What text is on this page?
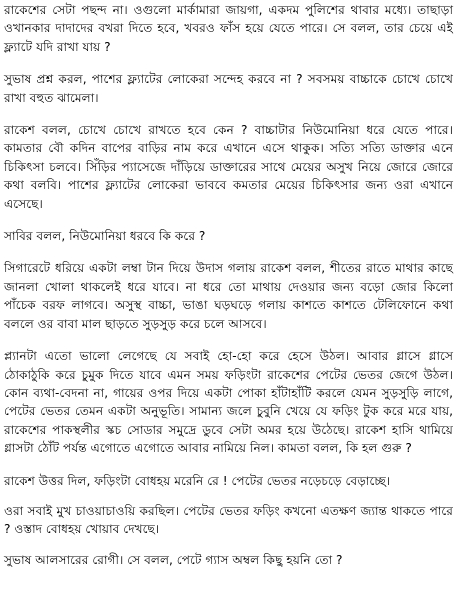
রাকেশের সেটা পছন্দ না। ওগুলো মার্কামারা জায়গা, একদম পুলিশের থাবার মধ্যে। তাছাড়া ওখানকার দাদাদের বখরা দিতে হবে, খবরও ফাঁস হয়ে যেতে পারে। সে বলল, তার চেয়ে এই ফ্ল্যাটে যদি রাখা যায় ?

সুভাষ প্রশ্ন করল, পাশের ফ্ল্যাটের লোকেরা সন্দেহ করবে না ? সবসময় বাচ্চাকে চোখে চোখে রাখা বহুত ঝামেলা।

রাকেশ বলল, চোখে চোখে রাখতে হবে কেন ? বাচ্চাটার নিউমোনিয়া ধরে যেতে পারে। কামতার বৌ কদিন বাপের বাড়ির নাম করে এখানে এসে থাকুক। সত্যি সত্যি ডাক্তার এনে চিকিৎসা চলবে। সিঁড়ির প্যাসেজে দাঁড়িয়ে ডাক্তারের সাথে মেয়ের অসুখ নিয়ে জোরে জোরে কথা বলবি। পাশের ফ্ল্যাটের লোকেরা ভাববে কমতার মেয়ের চিকিৎসার জন্য ওরা এখানে এসেছে।

সাবির বলল, নিউমোনিয়া ধরবে কি করে ?

সিগারেটে ধরিয়ে একটা লম্বা টান দিয়ে উদাস গলায় রাকেশ বলল, শীতের রাতে মাথার কাছে জানলা খোলা থাকলেই ধরে যাবে। না ধরে তো মাথায় দেওয়ার জন্য বড়ো জোর কিলো পাঁচেক বরফ লাগবে। অসুস্থ বাচ্চা, ভাঙা ঘড়ঘড়ে গলায় কাশতে কাশতে টেলিফোনে কথা বললে ওর বাবা মাল ছাড়তে সুড়সুড় করে চলে আসবে।

প্ল্যানটা এতো ভালো লেগেছে যে সবাই হো-হো করে হেসে উঠল। আবার গ্লাসে গ্লাসে ঠোকাঠুকি করে চুমুক দিতে যাবে এমন সময় ফড়িংটা রাকেশের পেটের ভেতর জেগে উঠল। কোন ব্যথা-বেদনা না, গায়ের ওপর দিয়ে একটা পোকা হাঁটাহাঁটি করলে যেমন সুড়সুড়ি লাগে, পেটের ভেতর তেমন একটা অনুভূতি। সামান্য জলে চুবুনি খেয়ে যে ফড়িং টুক করে মরে যায়, রাকেশের পাকস্থলীর স্কচ সোডার সমুদ্রে ডুবে সেটা অমর হয়ে উঠেছে। রাকেশ হাসি থামিয়ে গ্লাসটা ঠোঁট পর্যন্ত এগোতে এগোতে আবার নামিয়ে নিল। কামতা বলল, কি হল গুরু ?

রাকেশ উত্তর দিল, ফড়িংটা বোধহয় মরেনি রে ! পেটের ভেতর নড়েচড়ে বেড়াচ্ছে।

ওরা সবাই মুখ চাওয়াচাওয়ি করছিল। পেটের ভেতর ফড়িং কখনো এতক্ষণ জ্যান্ত থাকতে পারে ? ওস্তাদ বোধহয় খোয়াব দেখছে।

সুভাষ আলসারের রোগী। সে বলল, পেটে গ্যাস অম্বল কিছু হয়নি তো ?
